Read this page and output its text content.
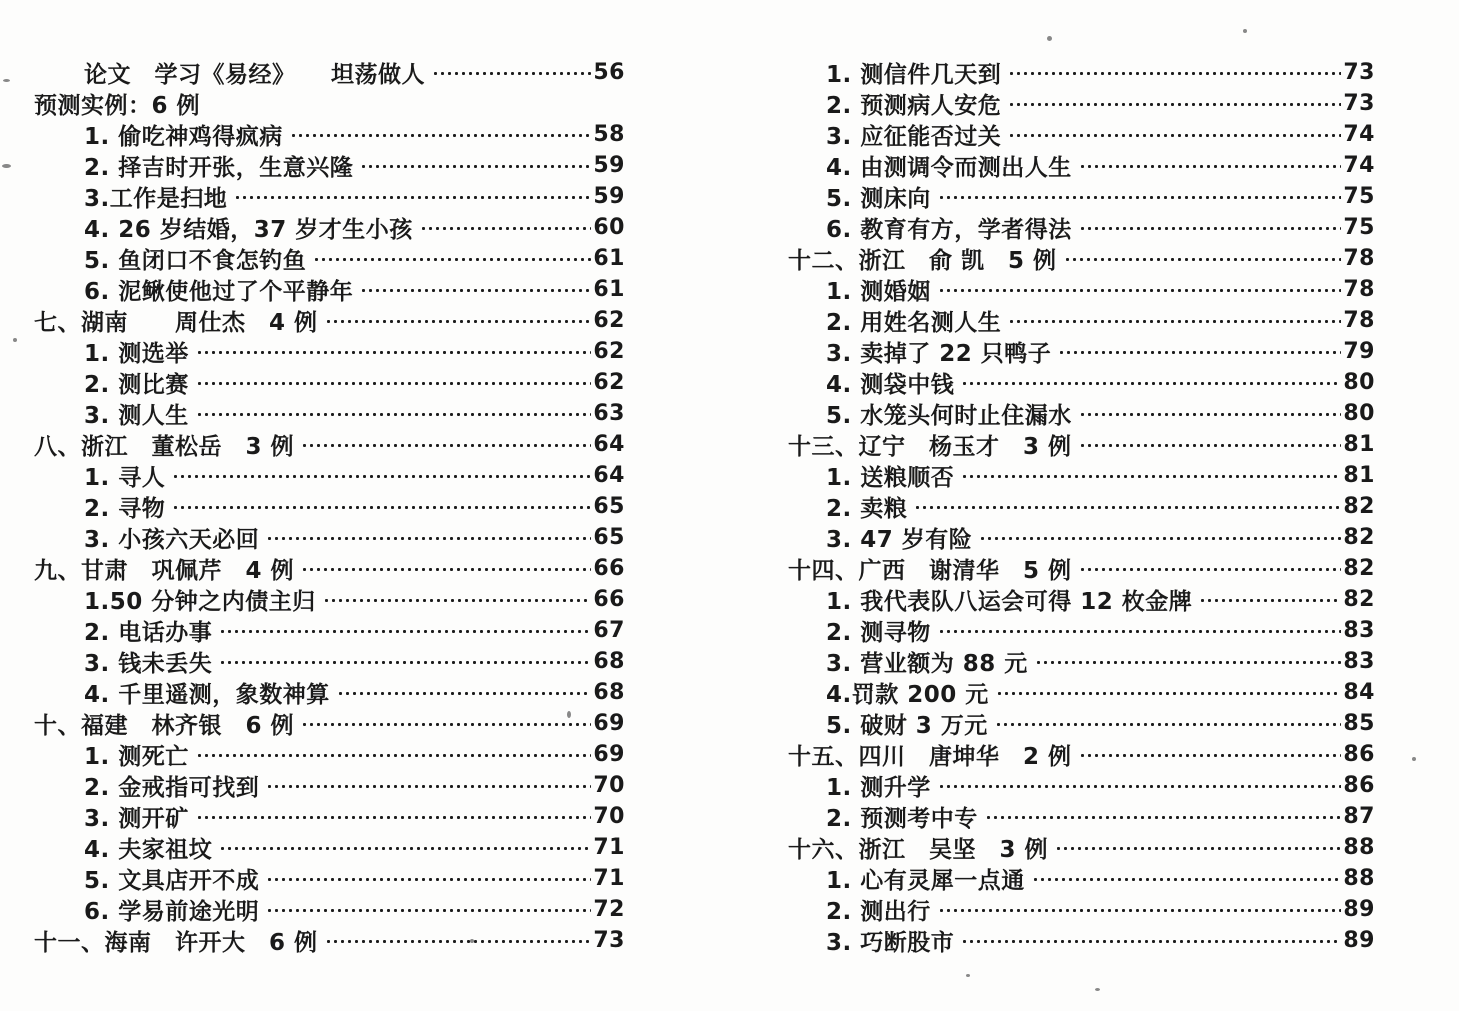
论文　学习《易经》　　坦荡做人	56
预测实例：6 例
1. 偷吃神鸡得疯病	58
2. 择吉时开张，生意兴隆	59
3.工作是扫地	59
4. 26 岁结婚，37 岁才生小孩	60
5. 鱼闭口不食怎钓鱼	61
6. 泥鳅使他过了个平静年	61
七、湖南　　周仕杰　4 例	62
1. 测选举	62
2. 测比赛	62
3. 测人生	63
八、浙江　董松岳　3 例	64
1. 寻人	64
2. 寻物	65
3. 小孩六天必回	65
九、甘肃　巩佩芹　4 例	66
1.50 分钟之内债主归	66
2. 电话办事	67
3. 钱未丢失	68
4. 千里遥测，象数神算	68
十、福建　林齐银　6 例	69
1. 测死亡	69
2. 金戒指可找到	70
3. 测开矿	70
4. 夫家祖坟	71
5. 文具店开不成	71
6. 学易前途光明	72
十一、海南　许开大　6 例	73
1. 测信件几天到	73
2. 预测病人安危	73
3. 应征能否过关	74
4. 由测调令而测出人生	74
5. 测床向	75
6. 教育有方，学者得法	75
十二、浙江　俞 凯　5 例	78
1. 测婚姻	78
2. 用姓名测人生	78
3. 卖掉了 22 只鸭子	79
4. 测袋中钱	80
5. 水笼头何时止住漏水	80
十三、辽宁　杨玉才　3 例	81
1. 送粮顺否	81
2. 卖粮	82
3. 47 岁有险	82
十四、广西　谢清华　5 例	82
1. 我代表队八运会可得 12 枚金牌	82
2. 测寻物	83
3. 营业额为 88 元	83
4.罚款 200 元	84
5. 破财 3 万元	85
十五、四川　唐坤华　2 例	86
1. 测升学	86
2. 预测考中专	87
十六、浙江　吴坚　3 例	88
1. 心有灵犀一点通	88
2. 测出行	89
3. 巧断股市	89
